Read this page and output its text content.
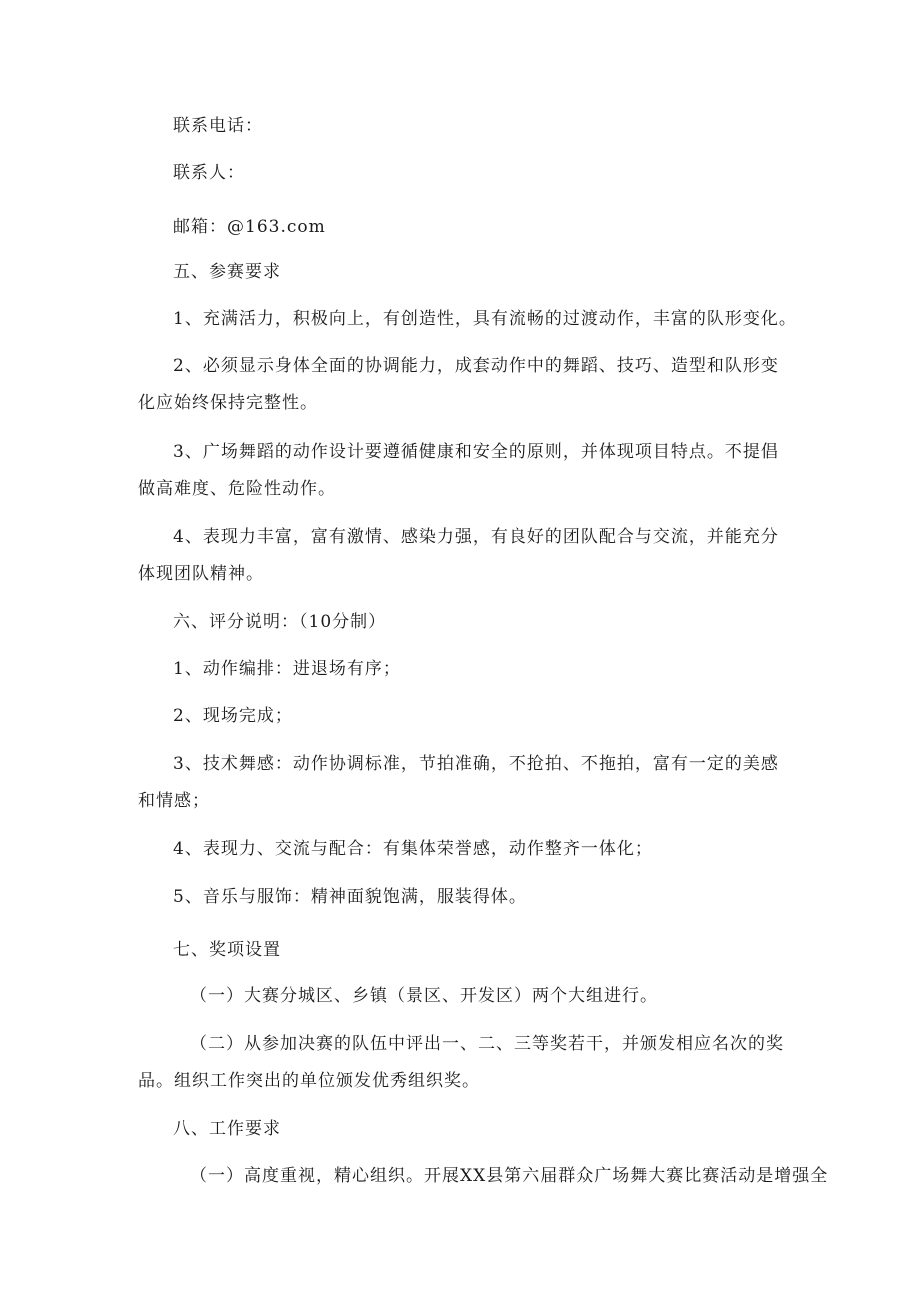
联系电话：

联系人：

邮箱：@163.com

五、参赛要求

1、充满活力，积极向上，有创造性，具有流畅的过渡动作，丰富的队形变化。

2、必须显示身体全面的协调能力，成套动作中的舞蹈、技巧、造型和队形变化应始终保持完整性。

3、广场舞蹈的动作设计要遵循健康和安全的原则，并体现项目特点。不提倡做高难度、危险性动作。

4、表现力丰富，富有激情、感染力强，有良好的团队配合与交流，并能充分体现团队精神。

六、评分说明：（10分制）

1、动作编排：进退场有序；

2、现场完成；

3、技术舞感：动作协调标准，节拍准确，不抢拍、不拖拍，富有一定的美感和情感；

4、表现力、交流与配合：有集体荣誉感，动作整齐一体化；

5、音乐与服饰：精神面貌饱满，服装得体。

七、奖项设置

（一）大赛分城区、乡镇（景区、开发区）两个大组进行。

（二）从参加决赛的队伍中评出一、二、三等奖若干，并颁发相应名次的奖品。组织工作突出的单位颁发优秀组织奖。

八、工作要求

（一）高度重视，精心组织。开展XX县第六届群众广场舞大赛比赛活动是增强全
